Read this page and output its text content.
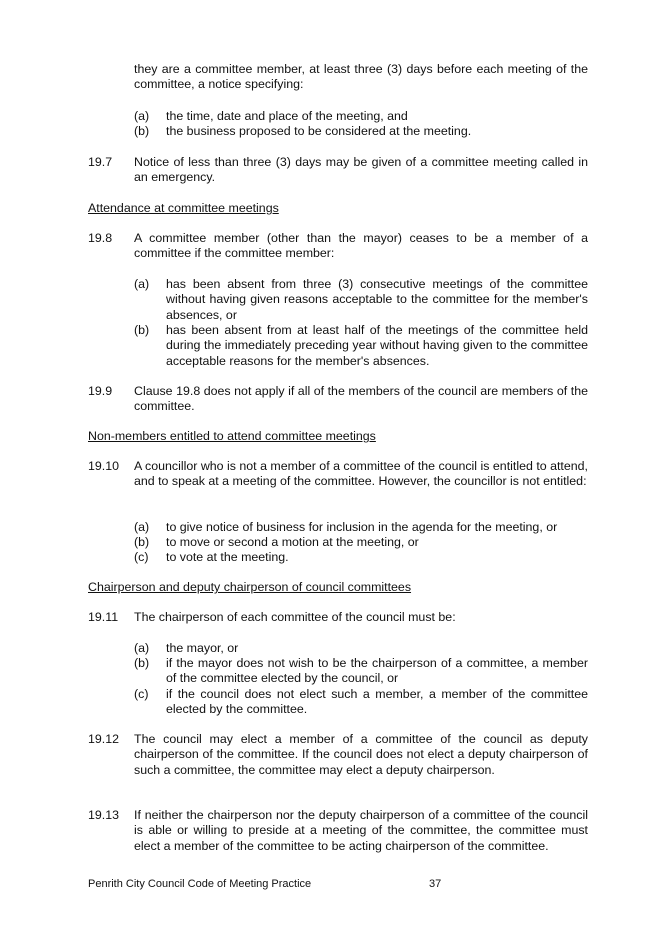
they are a committee member, at least three (3) days before each meeting of the committee, a notice specifying:
(a) the time, date and place of the meeting, and
(b) the business proposed to be considered at the meeting.
19.7 Notice of less than three (3) days may be given of a committee meeting called in an emergency.
Attendance at committee meetings
19.8 A committee member (other than the mayor) ceases to be a member of a committee if the committee member:
(a) has been absent from three (3) consecutive meetings of the committee without having given reasons acceptable to the committee for the member's absences, or
(b) has been absent from at least half of the meetings of the committee held during the immediately preceding year without having given to the committee acceptable reasons for the member's absences.
19.9 Clause 19.8 does not apply if all of the members of the council are members of the committee.
Non-members entitled to attend committee meetings
19.10 A councillor who is not a member of a committee of the council is entitled to attend, and to speak at a meeting of the committee. However, the councillor is not entitled:
(a) to give notice of business for inclusion in the agenda for the meeting, or
(b) to move or second a motion at the meeting, or
(c) to vote at the meeting.
Chairperson and deputy chairperson of council committees
19.11 The chairperson of each committee of the council must be:
(a) the mayor, or
(b) if the mayor does not wish to be the chairperson of a committee, a member of the committee elected by the council, or
(c) if the council does not elect such a member, a member of the committee elected by the committee.
19.12 The council may elect a member of a committee of the council as deputy chairperson of the committee. If the council does not elect a deputy chairperson of such a committee, the committee may elect a deputy chairperson.
19.13 If neither the chairperson nor the deputy chairperson of a committee of the council is able or willing to preside at a meeting of the committee, the committee must elect a member of the committee to be acting chairperson of the committee.
Penrith City Council Code of Meeting Practice	37
